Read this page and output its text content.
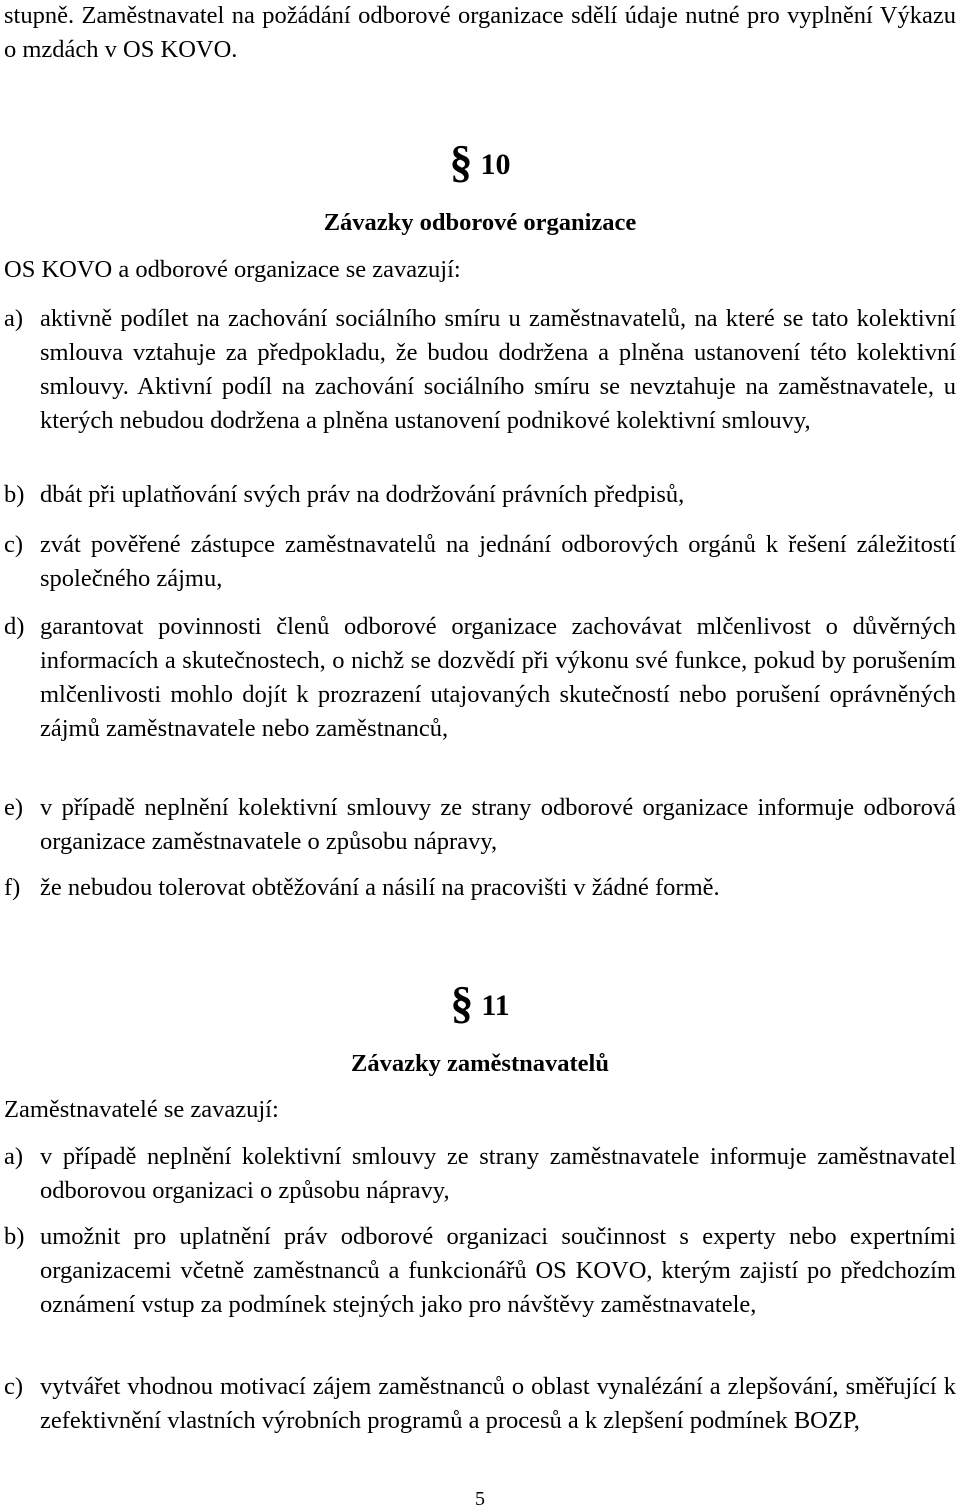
stupně. Zaměstnavatel na požádání odborové organizace sdělí údaje nutné pro vyplnění Výkazu o mzdách v OS KOVO.
§ 10
Závazky odborové organizace
OS KOVO a odborové organizace se zavazují:
a) aktivně podílet na zachování sociálního smíru u zaměstnavatelů, na které se tato kolektivní smlouva vztahuje za předpokladu, že budou dodržena a plněna ustanovení této kolektivní smlouvy. Aktivní podíl na zachování sociálního smíru se nevztahuje na zaměstnavatele, u kterých nebudou dodržena a plněna ustanovení podnikové kolektivní smlouvy,
b) dbát při uplatňování svých práv na dodržování právních předpisů,
c) zvát pověřené zástupce zaměstnavatelů na jednání odborových orgánů k řešení záležitostí společného zájmu,
d) garantovat povinnosti členů odborové organizace zachovávat mlčenlivost o důvěrných informacích a skutečnostech, o nichž se dozvědí při výkonu své funkce, pokud by porušením mlčenlivosti mohlo dojít k prozrazení utajovaných skutečností nebo porušení oprávněných zájmů zaměstnavatele nebo zaměstnanců,
e) v případě neplnění kolektivní smlouvy ze strany odborové organizace informuje odborová organizace zaměstnavatele o způsobu nápravy,
f) že nebudou tolerovat obtěžování a násilí na pracovišti v žádné formě.
§ 11
Závazky zaměstnavatelů
Zaměstnavatelé se zavazují:
a) v případě neplnění kolektivní smlouvy ze strany zaměstnavatele informuje zaměstnavatel odborovou organizaci o způsobu nápravy,
b) umožnit pro uplatnění práv odborové organizaci součinnost s experty nebo expertními organizacemi včetně zaměstnanců a funkcionářů OS KOVO, kterým zajistí po předchozím oznámení vstup za podmínek stejných jako pro návštěvy zaměstnavatele,
c) vytvářet vhodnou motivací zájem zaměstnanců o oblast vynalézání a zlepšování, směřující k zefektivnění vlastních výrobních programů a procesů a k zlepšení podmínek BOZP,
5
